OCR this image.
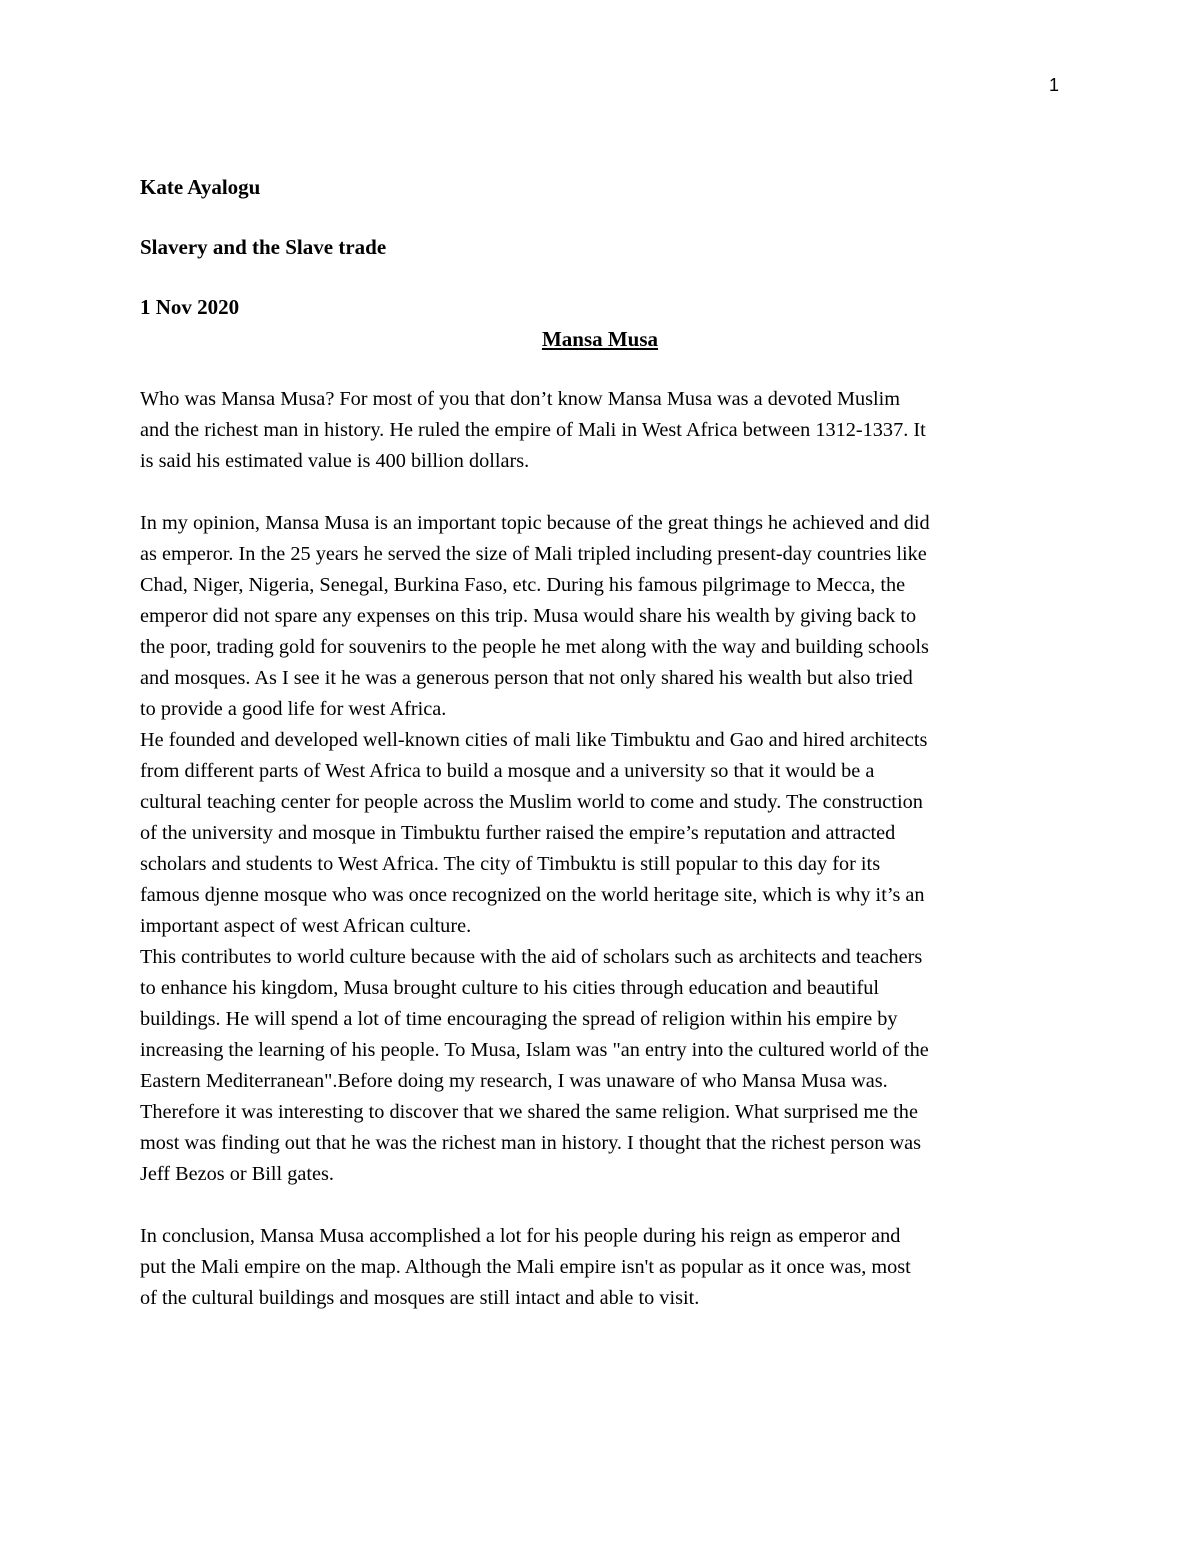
1
Kate Ayalogu
Slavery and the Slave trade
1 Nov 2020
Mansa Musa

Who was Mansa Musa? For most of you that don’t know Mansa Musa was a devoted Muslim
and the richest man in history. He ruled the empire of Mali in West Africa between 1312-1337. It
is said his estimated value is 400 billion dollars.

In my opinion, Mansa Musa is an important topic because of the great things he achieved and did
as emperor. In the 25 years he served the size of Mali tripled including present-day countries like
Chad, Niger, Nigeria, Senegal, Burkina Faso, etc. During his famous pilgrimage to Mecca, the
emperor did not spare any expenses on this trip. Musa would share his wealth by giving back to
the poor, trading gold for souvenirs to the people he met along with the way and building schools
and mosques. As I see it he was a generous person that not only shared his wealth but also tried
to provide a good life for west Africa.
He founded and developed well-known cities of mali like Timbuktu and Gao and hired architects
from different parts of West Africa to build a mosque and a university so that it would be a
cultural teaching center for people across the Muslim world to come and study. The construction
of the university and mosque in Timbuktu further raised the empire’s reputation and attracted
scholars and students to West Africa. The city of Timbuktu is still popular to this day for its
famous djenne mosque who was once recognized on the world heritage site, which is why it’s an
important aspect of west African culture.
This contributes to world culture because with the aid of scholars such as architects and teachers
to enhance his kingdom, Musa brought culture to his cities through education and beautiful
buildings. He will spend a lot of time encouraging the spread of religion within his empire by
increasing the learning of his people. To Musa, Islam was "an entry into the cultured world of the
Eastern Mediterranean".Before doing my research, I was unaware of who Mansa Musa was.
Therefore it was interesting to discover that we shared the same religion. What surprised me the
most was finding out that he was the richest man in history. I thought that the richest person was
Jeff Bezos or Bill gates.

In conclusion, Mansa Musa accomplished a lot for his people during his reign as emperor and
put the Mali empire on the map. Although the Mali empire isn't as popular as it once was, most
of the cultural buildings and mosques are still intact and able to visit.
